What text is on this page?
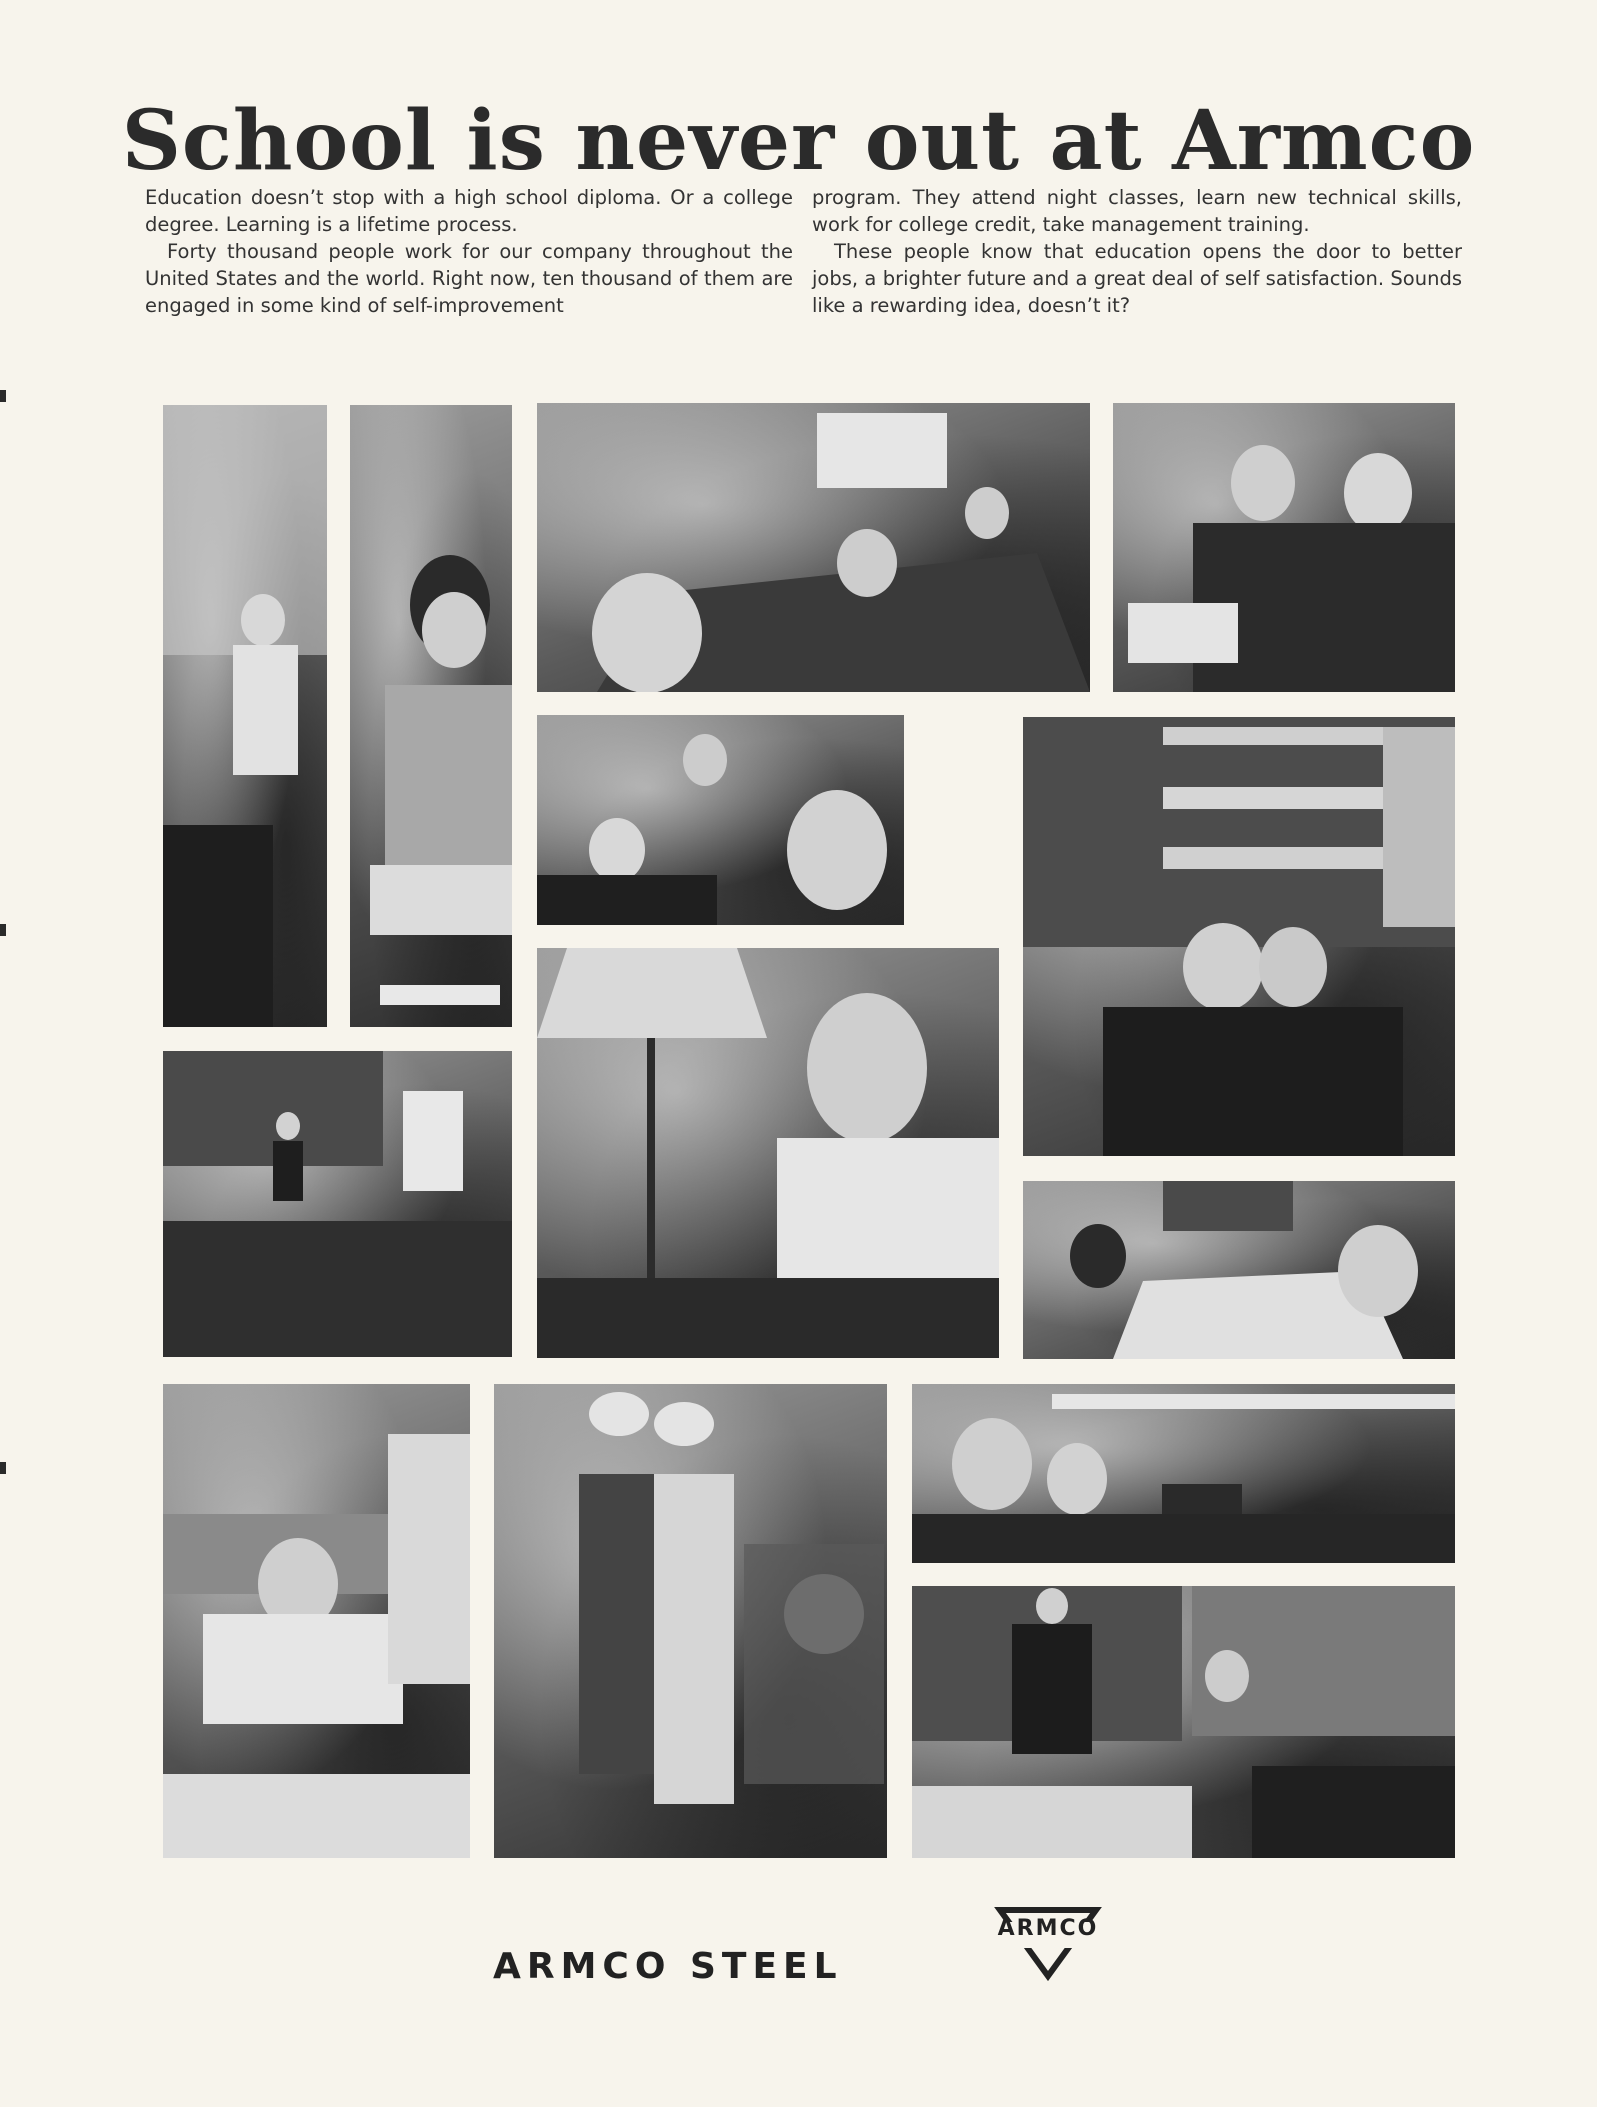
School is never out at Armco

Education doesn’t stop with a high school diploma. Or a college degree. Learning is a lifetime process.

Forty thousand people work for our company throughout the United States and the world. Right now, ten thousand of them are engaged in some kind of self-improvement

program. They attend night classes, learn new technical skills, work for college credit, take management training.

These people know that education opens the door to better jobs, a brighter future and a great deal of self satisfaction. Sounds like a rewarding idea, doesn’t it?

ARMCO STEEL
ARMCO
